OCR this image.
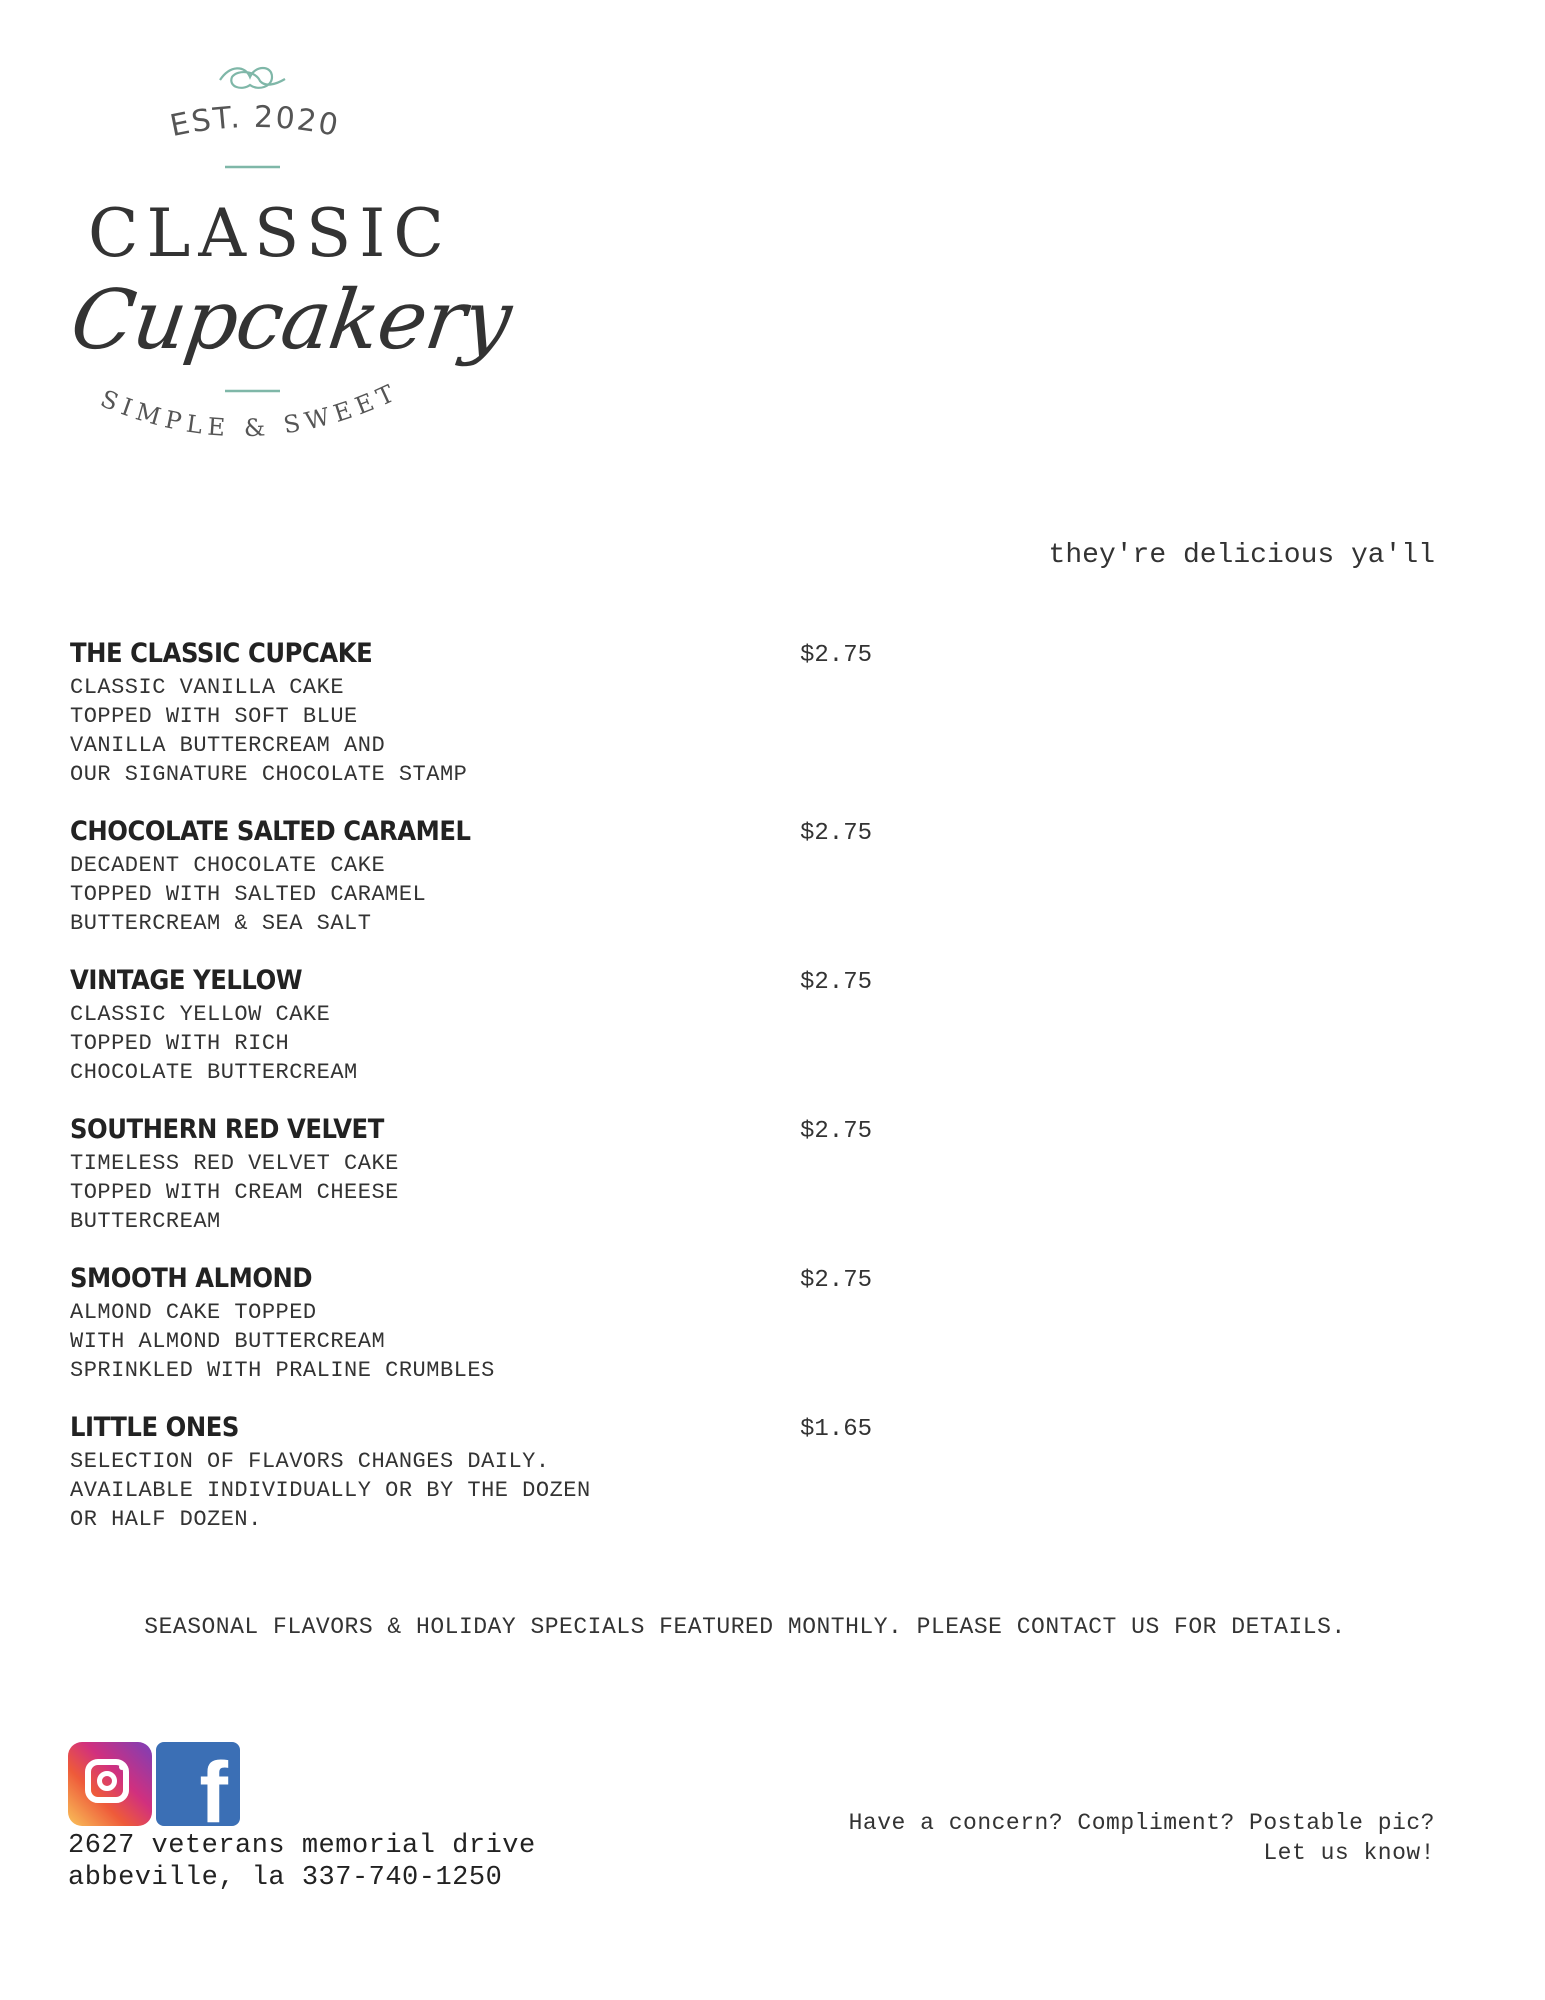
EST. 2020
SIMPLE & SWEET
CLASSIC
Cupcakery
they're delicious ya'll
THE CLASSIC CUPCAKE	$2.75
CLASSIC VANILLA CAKE
TOPPED WITH SOFT BLUE
VANILLA BUTTERCREAM AND
OUR SIGNATURE CHOCOLATE STAMP
CHOCOLATE SALTED CARAMEL	$2.75
DECADENT CHOCOLATE CAKE
TOPPED WITH SALTED CARAMEL
BUTTERCREAM & SEA SALT
VINTAGE YELLOW	$2.75
CLASSIC YELLOW CAKE
TOPPED WITH RICH
CHOCOLATE BUTTERCREAM
SOUTHERN RED VELVET	$2.75
TIMELESS RED VELVET CAKE
TOPPED WITH CREAM CHEESE
BUTTERCREAM
SMOOTH ALMOND	$2.75
ALMOND CAKE TOPPED
WITH ALMOND BUTTERCREAM
SPRINKLED WITH PRALINE CRUMBLES
LITTLE ONES	$1.65
SELECTION OF FLAVORS CHANGES DAILY.
AVAILABLE INDIVIDUALLY OR BY THE DOZEN
OR HALF DOZEN.
SEASONAL FLAVORS & HOLIDAY SPECIALS FEATURED MONTHLY. PLEASE CONTACT US FOR DETAILS.
f
2627 veterans memorial drive
abbeville, la 337-740-1250
Have a concern? Compliment? Postable pic?
Let us know!
